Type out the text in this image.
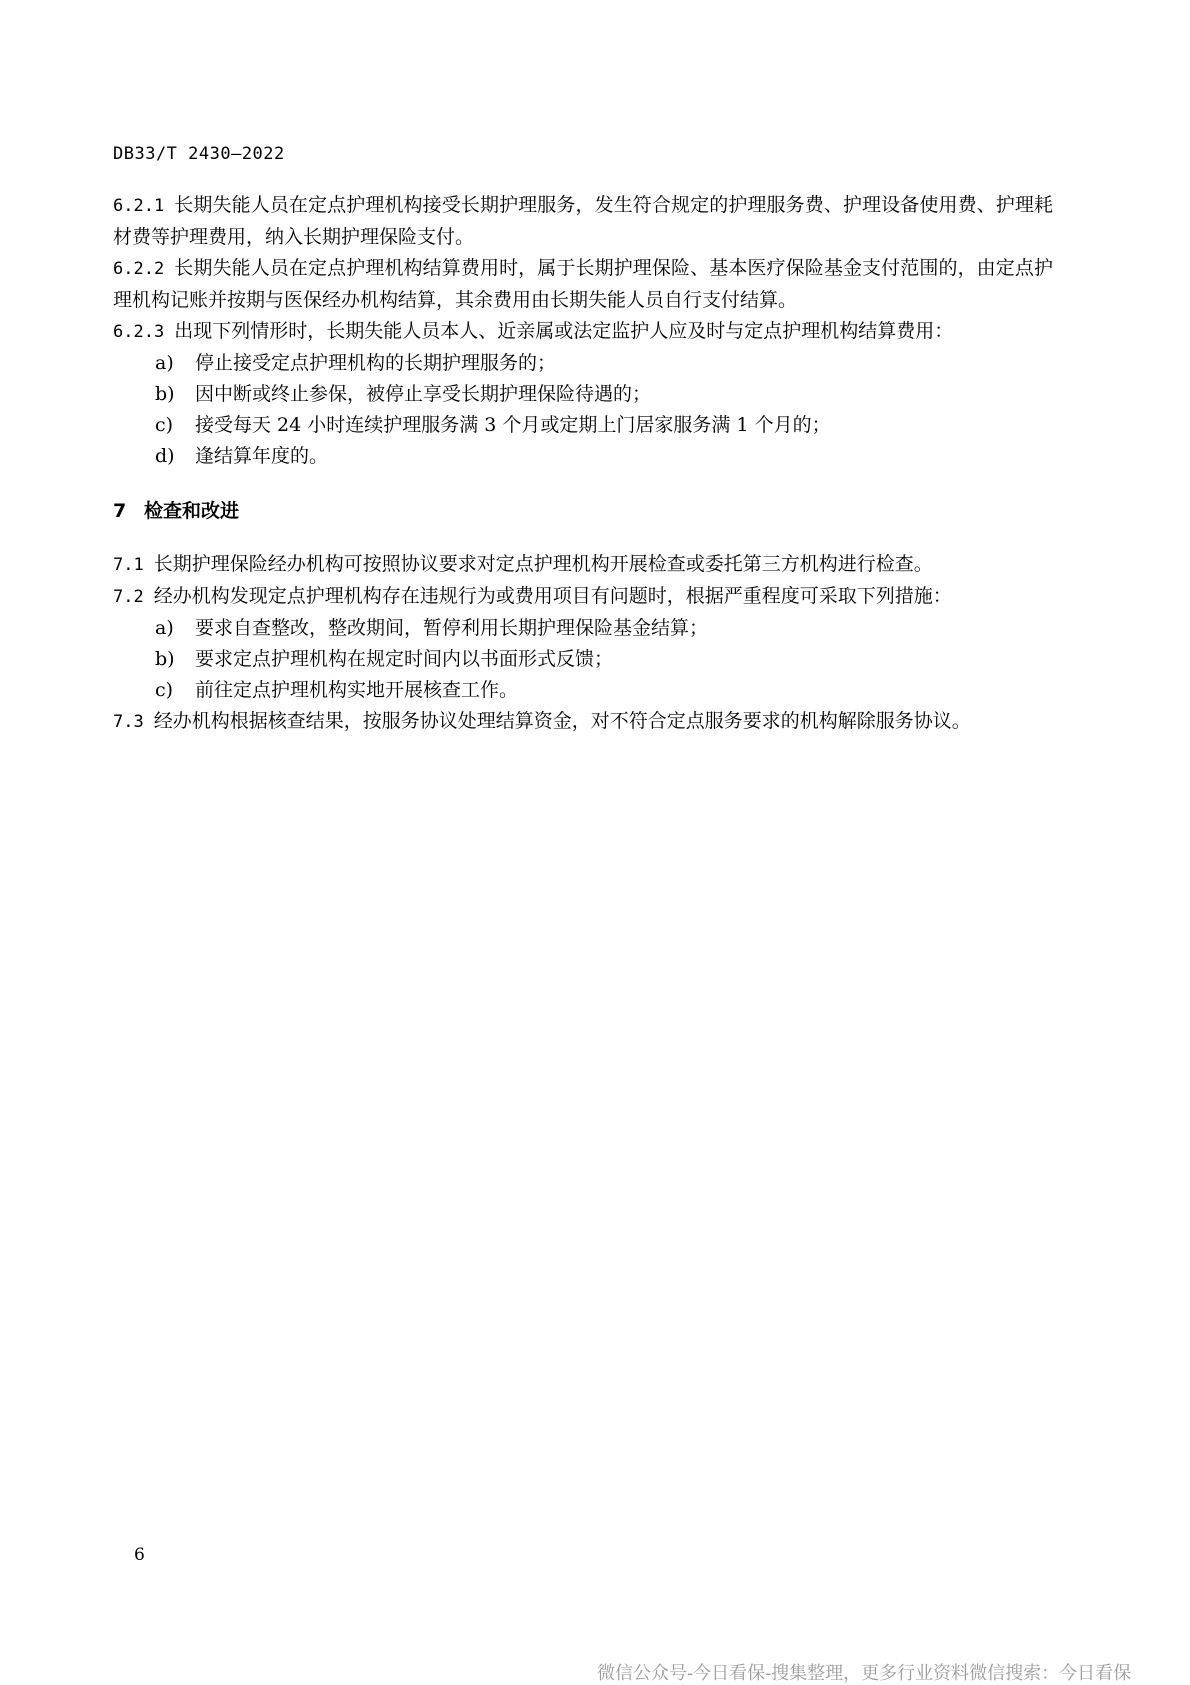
DB33/T 2430—2022

6.2.1 长期失能人员在定点护理机构接受长期护理服务，发生符合规定的护理服务费、护理设备使用费、护理耗材费等护理费用，纳入长期护理保险支付。

6.2.2 长期失能人员在定点护理机构结算费用时，属于长期护理保险、基本医疗保险基金支付范围的，由定点护理机构记账并按期与医保经办机构结算，其余费用由长期失能人员自行支付结算。

6.2.3 出现下列情形时，长期失能人员本人、近亲属或法定监护人应及时与定点护理机构结算费用：

a) 停止接受定点护理机构的长期护理服务的；

b) 因中断或终止参保，被停止享受长期护理保险待遇的；

c) 接受每天 24 小时连续护理服务满 3 个月或定期上门居家服务满 1 个月的；

d) 逢结算年度的。

7 检查和改进

7.1 长期护理保险经办机构可按照协议要求对定点护理机构开展检查或委托第三方机构进行检查。

7.2 经办机构发现定点护理机构存在违规行为或费用项目有问题时，根据严重程度可采取下列措施：

a) 要求自查整改，整改期间，暂停利用长期护理保险基金结算；

b) 要求定点护理机构在规定时间内以书面形式反馈；

c) 前往定点护理机构实地开展核查工作。

7.3 经办机构根据核查结果，按服务协议处理结算资金，对不符合定点服务要求的机构解除服务协议。

6
微信公众号-今日看保-搜集整理，更多行业资料微信搜索：今日看保
